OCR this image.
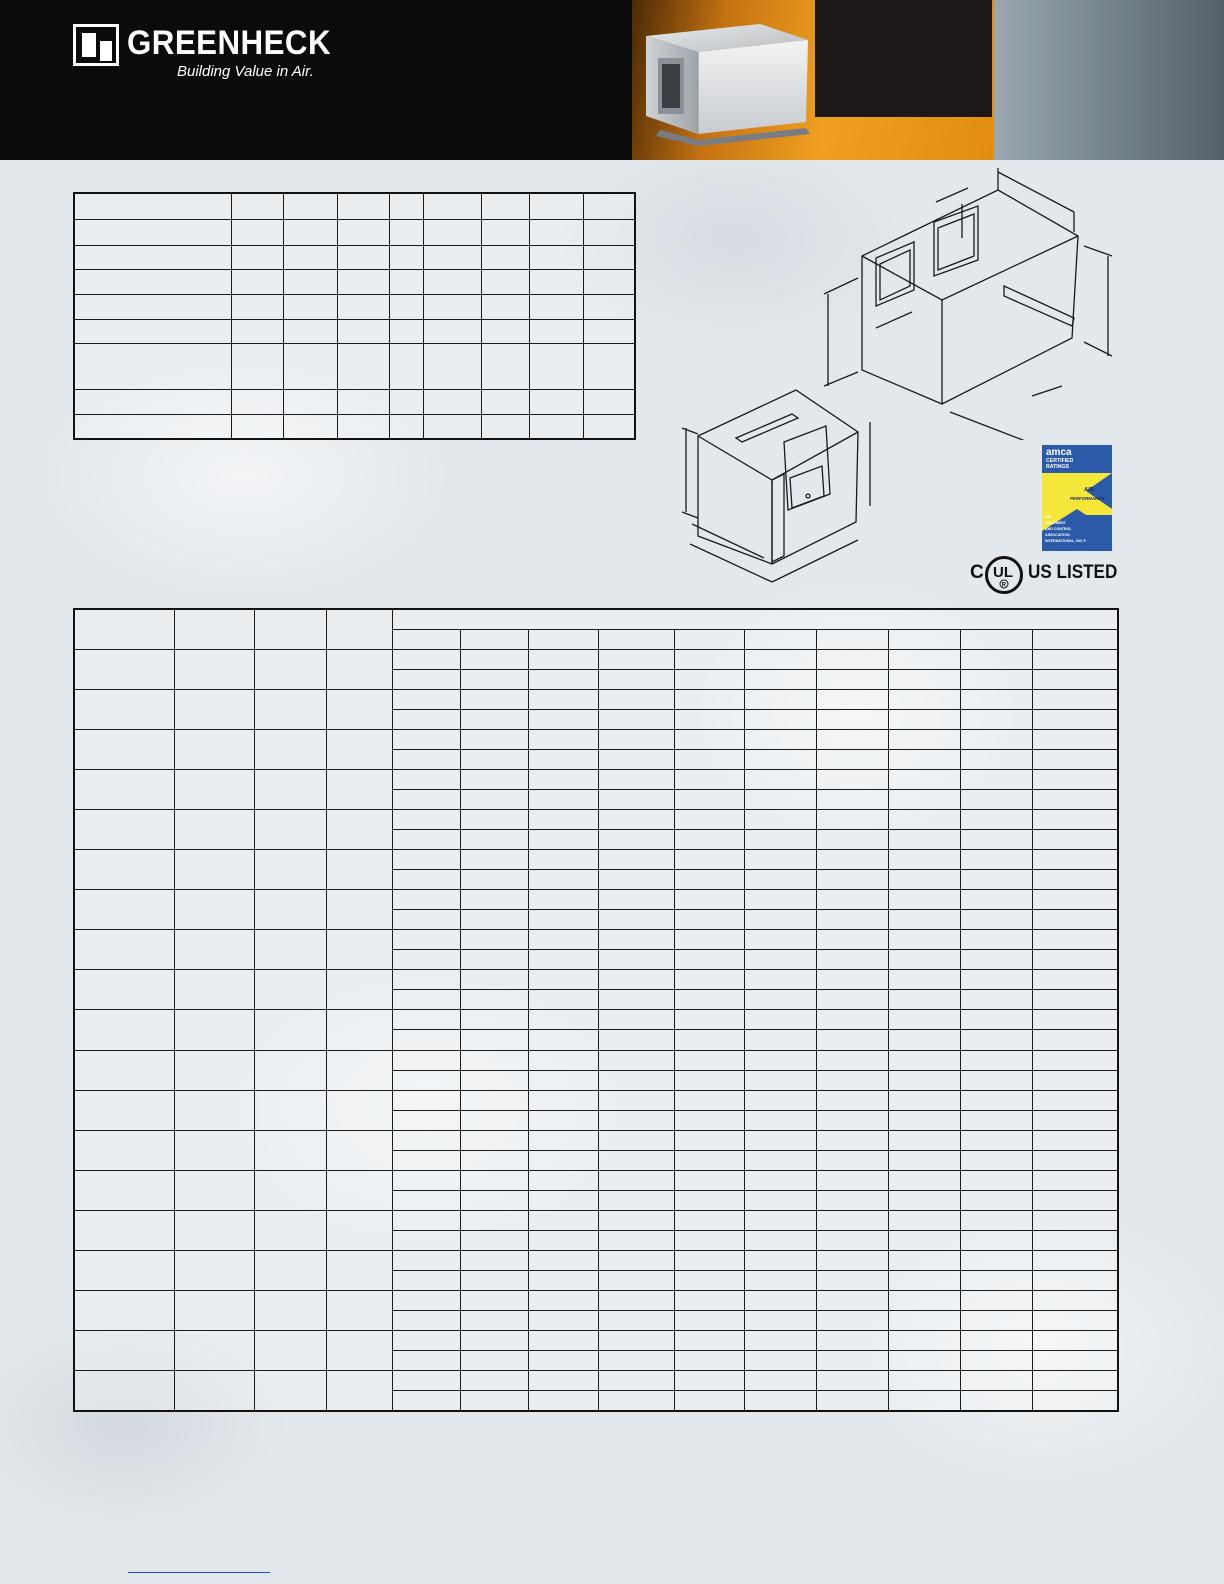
GREENHECK
Building Value in Air.

amca
CERTIFIED
RATINGS
AIR
PERFORMANCE
AIR
MOVEMENT
AND CONTROL
ASSOCIATION
INTERNATIONAL, INC.®
C UL
R
US LISTED
